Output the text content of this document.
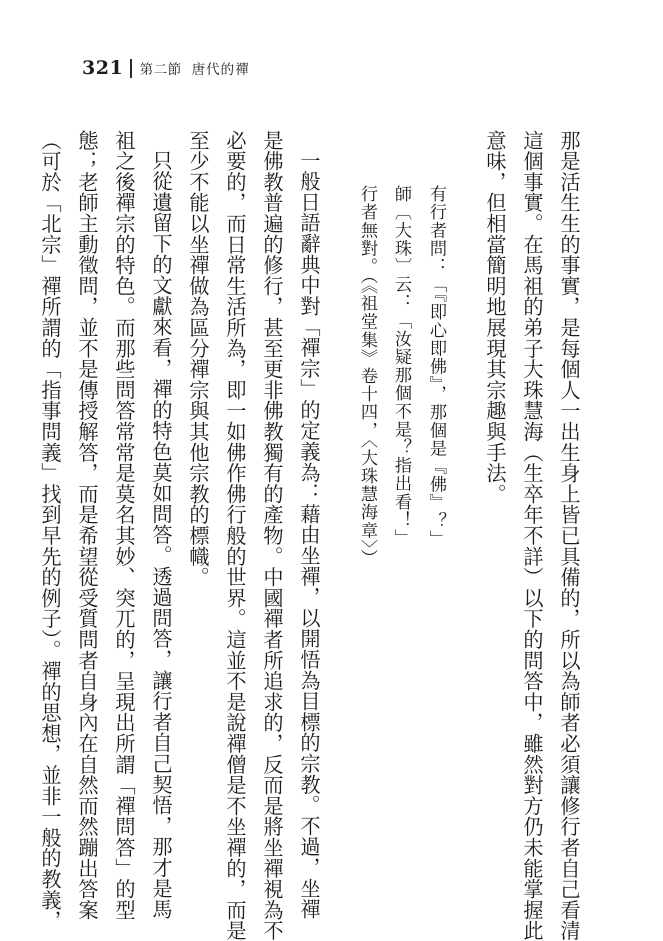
321 第二節 唐代的禪
那是活生生的事實，是每個人一出生身上皆已具備的，所以為師者必須讓修行者自己看清
這個事實。在馬祖的弟子大珠慧海（生卒年不詳）以下的問答中，雖然對方仍未能掌握此
意味，但相當簡明地展現其宗趣與手法。
有行者問：「『即心即佛』，那個是『佛』？」
師〔大珠〕云：「汝疑那個不是？指出看！」
行者無對。（《祖堂集》卷十四，〈大珠慧海章〉）
一般日語辭典中對「禪宗」的定義為：藉由坐禪，以開悟為目標的宗教。不過，坐禪
是佛教普遍的修行，甚至更非佛教獨有的產物。中國禪者所追求的，反而是將坐禪視為不
必要的，而日常生活所為，即一如佛作佛行般的世界。這並不是說禪僧是不坐禪的，而是
至少不能以坐禪做為區分禪宗與其他宗教的標幟。
只從遺留下的文獻來看，禪的特色莫如問答。透過問答，讓行者自己契悟，那才是馬
祖之後禪宗的特色。而那些問答常常是莫名其妙、突兀的，呈現出所謂「禪問答」的型
態；老師主動徵問，並不是傳授解答，而是希望從受質問者自身內在自然而然蹦出答案
（可於「北宗」禪所謂的「指事問義」找到早先的例子）。禪的思想，並非一般的教義，
